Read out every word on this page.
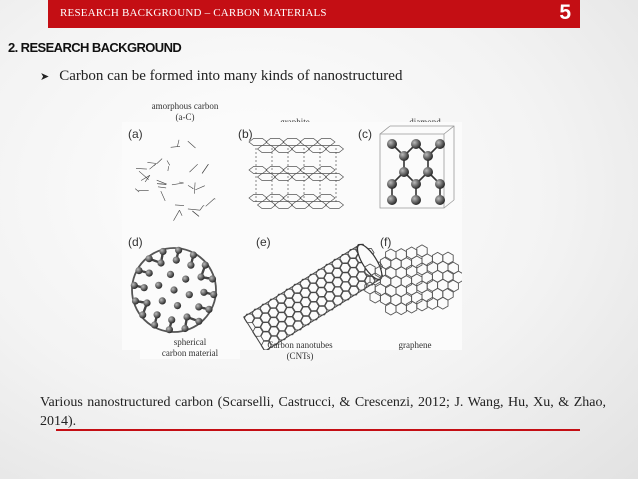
RESEARCH BACKGROUND – CARBON MATERIALS	5
2. RESEARCH BACKGROUND
➤ Carbon can be formed into many kinds of nanostructured
amorphous carbon
(a-C)
(a)	(b)	(c)
(d)	(e)	(f)
spherical
carbon material
Carbon nanotubes
(CNTs)
graphene

Various nanostructured carbon (Scarselli, Castrucci, & Crescenzi, 2012; J. Wang, Hu, Xu, & Zhao, 2014).
